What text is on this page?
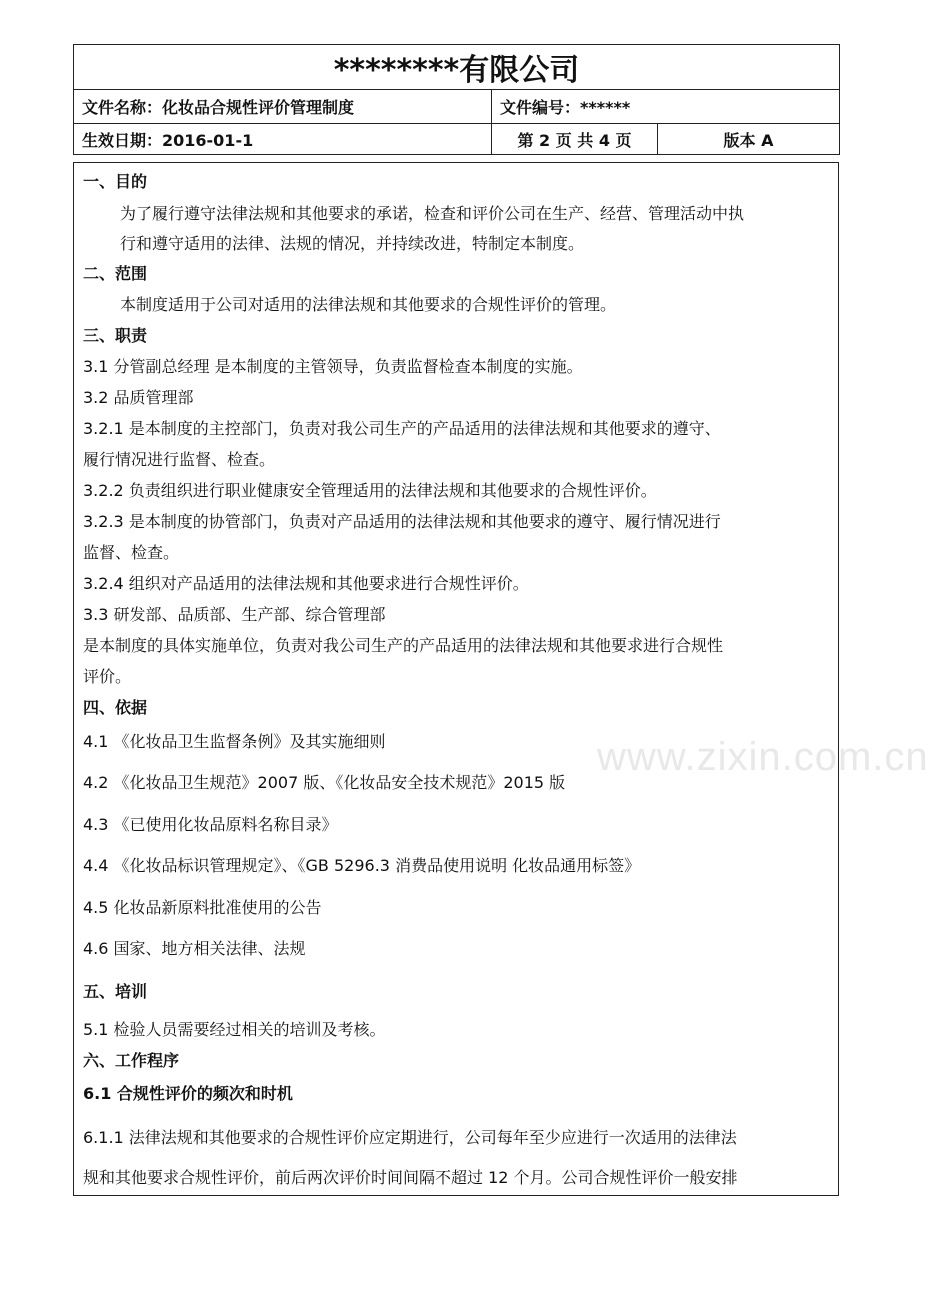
********有限公司		
文件名称：化妆品合规性评价管理制度	文件编号：******	
生效日期：2016-01-1	第 2 页 共 4 页	版本 A
www.zixin.com.cn
一、目的
为了履行遵守法律法规和其他要求的承诺，检查和评价公司在生产、经营、管理活动中执
行和遵守适用的法律、法规的情况，并持续改进，特制定本制度。
二、范围
本制度适用于公司对适用的法律法规和其他要求的合规性评价的管理。
三、职责
3.1 分管副总经理 是本制度的主管领导，负责监督检查本制度的实施。
3.2 品质管理部
3.2.1 是本制度的主控部门，负责对我公司生产的产品适用的法律法规和其他要求的遵守、
履行情况进行监督、检查。
3.2.2 负责组织进行职业健康安全管理适用的法律法规和其他要求的合规性评价。
3.2.3 是本制度的协管部门，负责对产品适用的法律法规和其他要求的遵守、履行情况进行
监督、检查。
3.2.4 组织对产品适用的法律法规和其他要求进行合规性评价。
3.3 研发部、品质部、生产部、综合管理部
是本制度的具体实施单位，负责对我公司生产的产品适用的法律法规和其他要求进行合规性
评价。
四、依据
4.1 《化妆品卫生监督条例》及其实施细则
4.2 《化妆品卫生规范》2007 版、《化妆品安全技术规范》2015 版
4.3 《已使用化妆品原料名称目录》
4.4 《化妆品标识管理规定》、《GB 5296.3 消费品使用说明 化妆品通用标签》
4.5 化妆品新原料批准使用的公告
4.6 国家、地方相关法律、法规
五、培训
5.1 检验人员需要经过相关的培训及考核。
六、工作程序
6.1 合规性评价的频次和时机
6.1.1 法律法规和其他要求的合规性评价应定期进行，公司每年至少应进行一次适用的法律法
规和其他要求合规性评价，前后两次评价时间间隔不超过 12 个月。公司合规性评价一般安排
